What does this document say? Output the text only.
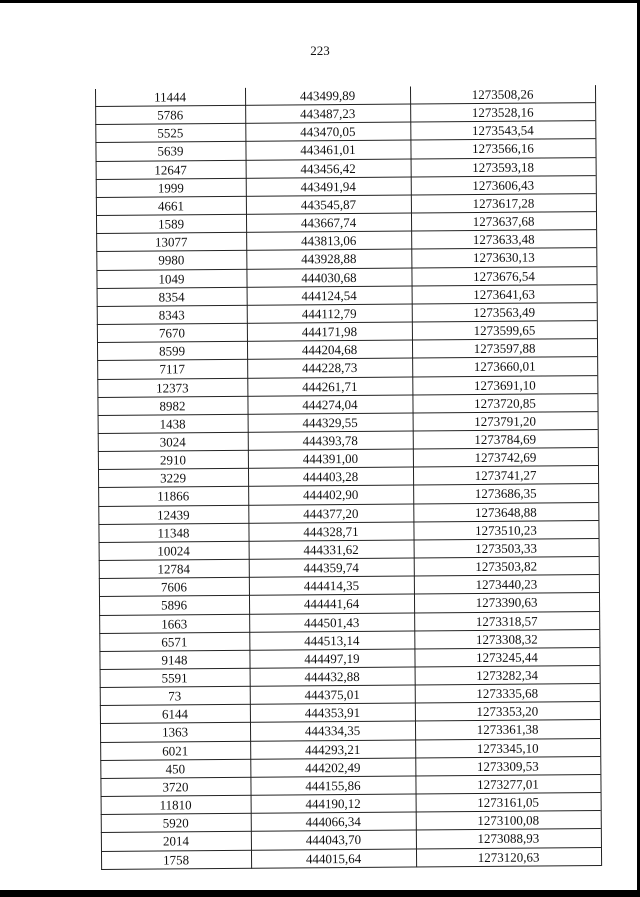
223
11444	443499,89	1273508,26
5786	443487,23	1273528,16
5525	443470,05	1273543,54
5639	443461,01	1273566,16
12647	443456,42	1273593,18
1999	443491,94	1273606,43
4661	443545,87	1273617,28
1589	443667,74	1273637,68
13077	443813,06	1273633,48
9980	443928,88	1273630,13
1049	444030,68	1273676,54
8354	444124,54	1273641,63
8343	444112,79	1273563,49
7670	444171,98	1273599,65
8599	444204,68	1273597,88
7117	444228,73	1273660,01
12373	444261,71	1273691,10
8982	444274,04	1273720,85
1438	444329,55	1273791,20
3024	444393,78	1273784,69
2910	444391,00	1273742,69
3229	444403,28	1273741,27
11866	444402,90	1273686,35
12439	444377,20	1273648,88
11348	444328,71	1273510,23
10024	444331,62	1273503,33
12784	444359,74	1273503,82
7606	444414,35	1273440,23
5896	444441,64	1273390,63
1663	444501,43	1273318,57
6571	444513,14	1273308,32
9148	444497,19	1273245,44
5591	444432,88	1273282,34
73	444375,01	1273335,68
6144	444353,91	1273353,20
1363	444334,35	1273361,38
6021	444293,21	1273345,10
450	444202,49	1273309,53
3720	444155,86	1273277,01
11810	444190,12	1273161,05
5920	444066,34	1273100,08
2014	444043,70	1273088,93
1758	444015,64	1273120,63
